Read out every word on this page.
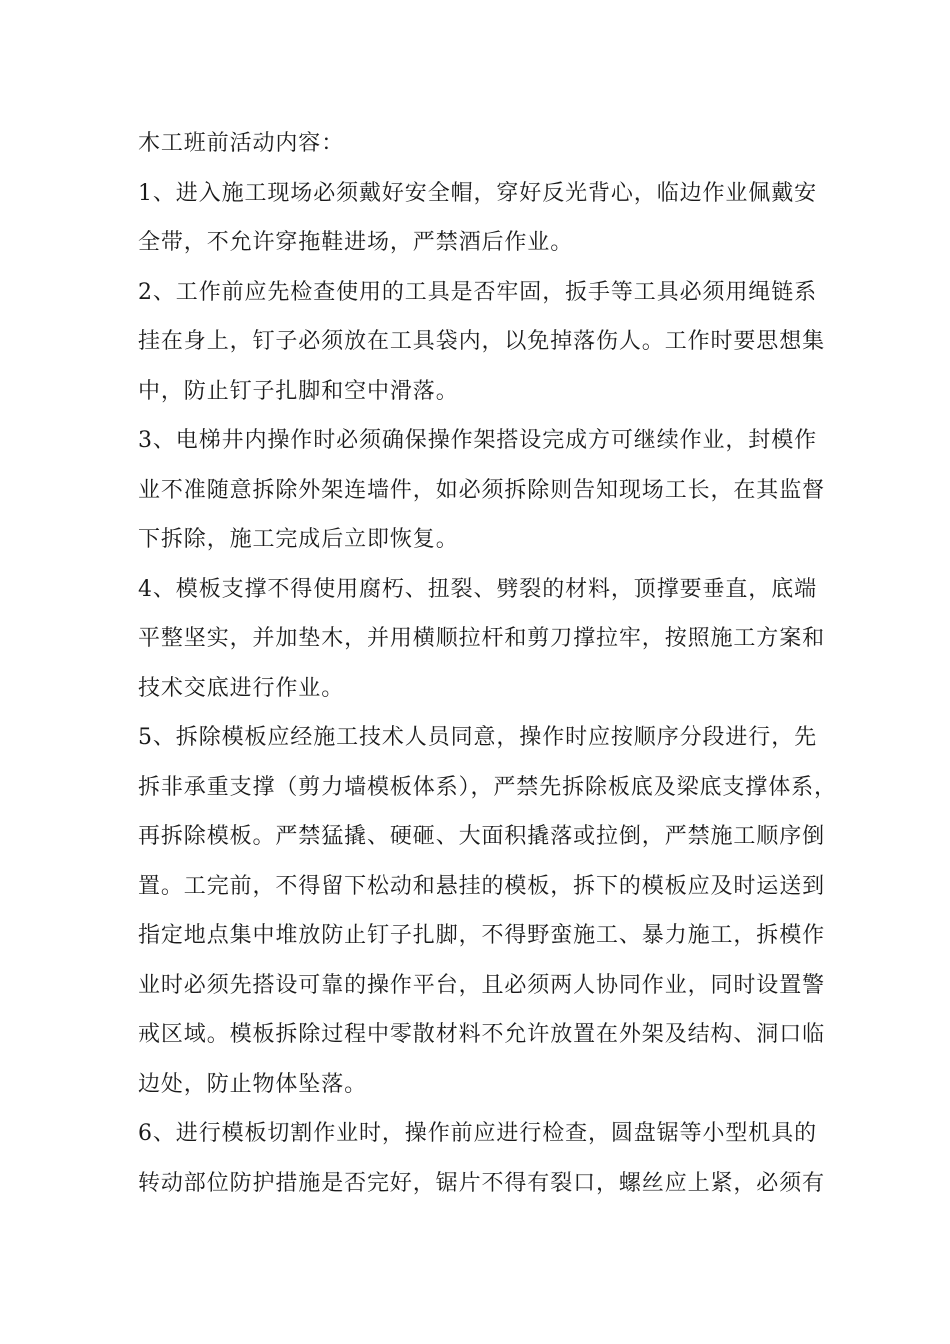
木工班前活动内容：
1、进入施工现场必须戴好安全帽，穿好反光背心，临边作业佩戴安
全带，不允许穿拖鞋进场，严禁酒后作业。
2、工作前应先检查使用的工具是否牢固，扳手等工具必须用绳链系
挂在身上，钉子必须放在工具袋内，以免掉落伤人。工作时要思想集
中，防止钉子扎脚和空中滑落。
3、电梯井内操作时必须确保操作架搭设完成方可继续作业，封模作
业不准随意拆除外架连墙件，如必须拆除则告知现场工长，在其监督
下拆除，施工完成后立即恢复。
4、模板支撑不得使用腐朽、扭裂、劈裂的材料，顶撑要垂直，底端
平整坚实，并加垫木，并用横顺拉杆和剪刀撑拉牢，按照施工方案和
技术交底进行作业。
5、拆除模板应经施工技术人员同意，操作时应按顺序分段进行，先
拆非承重支撑（剪力墙模板体系），严禁先拆除板底及梁底支撑体系，
再拆除模板。严禁猛撬、硬砸、大面积撬落或拉倒，严禁施工顺序倒
置。工完前，不得留下松动和悬挂的模板，拆下的模板应及时运送到
指定地点集中堆放防止钉子扎脚，不得野蛮施工、暴力施工，拆模作
业时必须先搭设可靠的操作平台，且必须两人协同作业，同时设置警
戒区域。模板拆除过程中零散材料不允许放置在外架及结构、洞口临
边处，防止物体坠落。
6、进行模板切割作业时，操作前应进行检查，圆盘锯等小型机具的
转动部位防护措施是否完好，锯片不得有裂口，螺丝应上紧，必须有
